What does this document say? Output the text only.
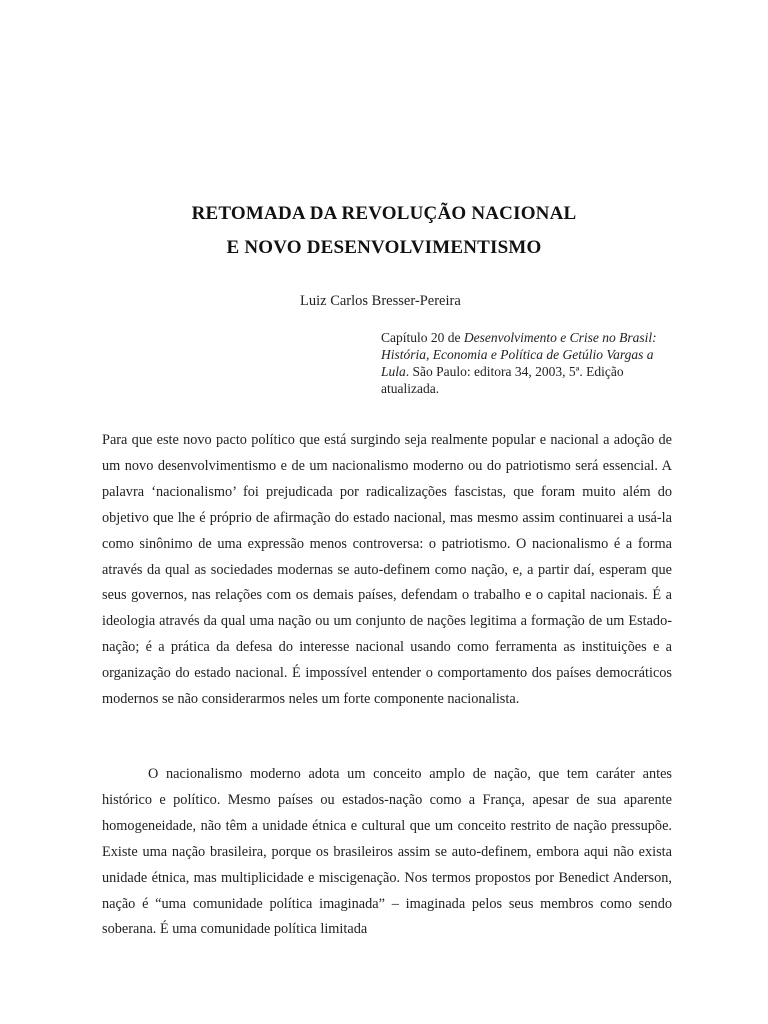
RETOMADA DA REVOLUÇÃO NACIONAL
E NOVO DESENVOLVIMENTISMO
Luiz Carlos Bresser-Pereira
Capítulo 20 de Desenvolvimento e Crise no Brasil: História, Economia e Política de Getúlio Vargas a Lula. São Paulo: editora 34, 2003, 5ª. Edição atualizada.

Para que este novo pacto político que está surgindo seja realmente popular e nacional a adoção de um novo desenvolvimentismo e de um nacionalismo moderno ou do patriotismo será essencial. A palavra ‘nacionalismo’ foi prejudicada por radicalizações fascistas, que foram muito além do objetivo que lhe é próprio de afirmação do estado nacional, mas mesmo assim continuarei a usá-la como sinônimo de uma expressão menos controversa: o patriotismo. O nacionalismo é a forma através da qual as sociedades modernas se auto-definem como nação, e, a partir daí, esperam que seus governos, nas relações com os demais países, defendam o trabalho e o capital nacionais. É a ideologia através da qual uma nação ou um conjunto de nações legitima a formação de um Estado-nação; é a prática da defesa do interesse nacional usando como ferramenta as instituições e a organização do estado nacional. É impossível entender o comportamento dos países democráticos modernos se não considerarmos neles um forte componente nacionalista.

O nacionalismo moderno adota um conceito amplo de nação, que tem caráter antes histórico e político. Mesmo países ou estados-nação como a França, apesar de sua aparente homogeneidade, não têm a unidade étnica e cultural que um conceito restrito de nação pressupõe. Existe uma nação brasileira, porque os brasileiros assim se auto-definem, embora aqui não exista unidade étnica, mas multiplicidade e miscigenação. Nos termos propostos por Benedict Anderson, nação é “uma comunidade política imaginada” – imaginada pelos seus membros como sendo soberana. É uma comunidade política limitada
